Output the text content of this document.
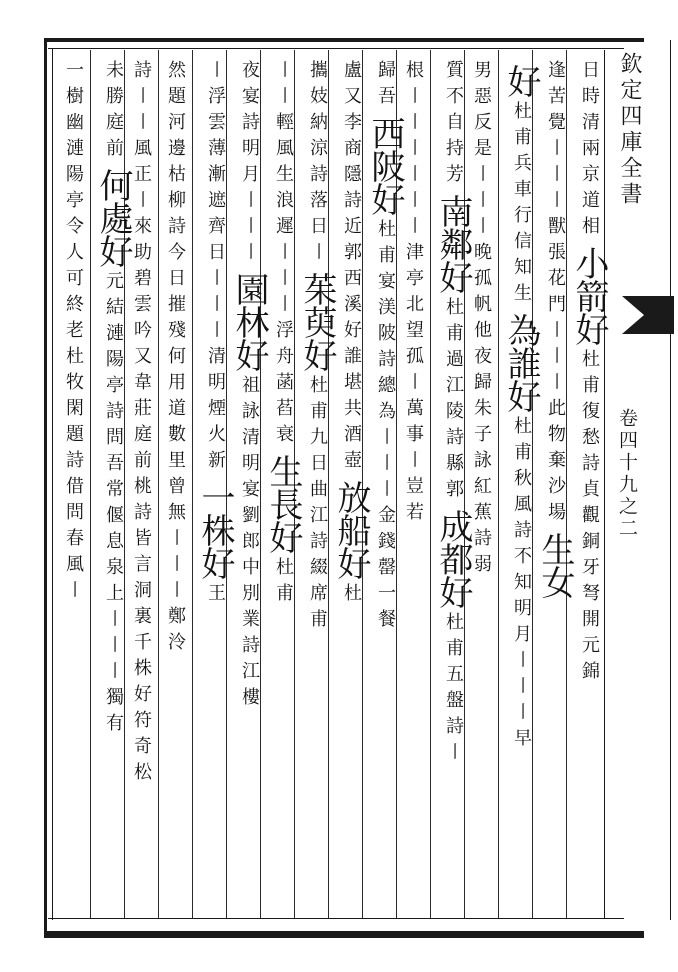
欽定四庫全書
卷四十九之二
日時清兩京道相小箭好杜甫復愁詩貞觀銅牙弩開元錦
逢苦覺〡〡〡獸張花門〡〡〡此物棄沙場生女
好杜甫兵車行信知生為誰好杜甫秋風詩不知明月〡〡〡早
男惡反是〡〡〡晚孤帆他夜歸朱子詠紅蕉詩弱
質不自持芳南鄰好杜甫過江陵詩縣郭成都好杜甫五盤詩〡
根〡〡〡〡〡〡津亭北望孤〡萬事〡豈若
歸吾西陂好杜甫宴渼陂詩總為〡〡〡金錢罄一餐
盧又李商隱詩近郭西溪好誰堪共酒壺放船好杜
攜妓納涼詩落日〡茱萸好杜甫九日曲江詩綴席甫
〡〡輕風生浪遲〡〡〡浮舟菡萏衰生長好杜甫
夜宴詩明月〡〡〡園林好祖詠清明宴劉郎中別業詩江樓
〡浮雲薄漸遮齊日〡〡〡清明煙火新一株好王
然題河邊枯柳詩今日摧殘何用道數里曾無〡〡〡鄭泠
詩〡〡風正〡來助碧雲吟又韋莊庭前桃詩皆言洞裏千株好符奇松
未勝庭前何處好元結漣陽亭詩問吾常偃息泉上〡〡〡獨有
一樹幽漣陽亭令人可終老杜牧閑題詩借問春風〡
